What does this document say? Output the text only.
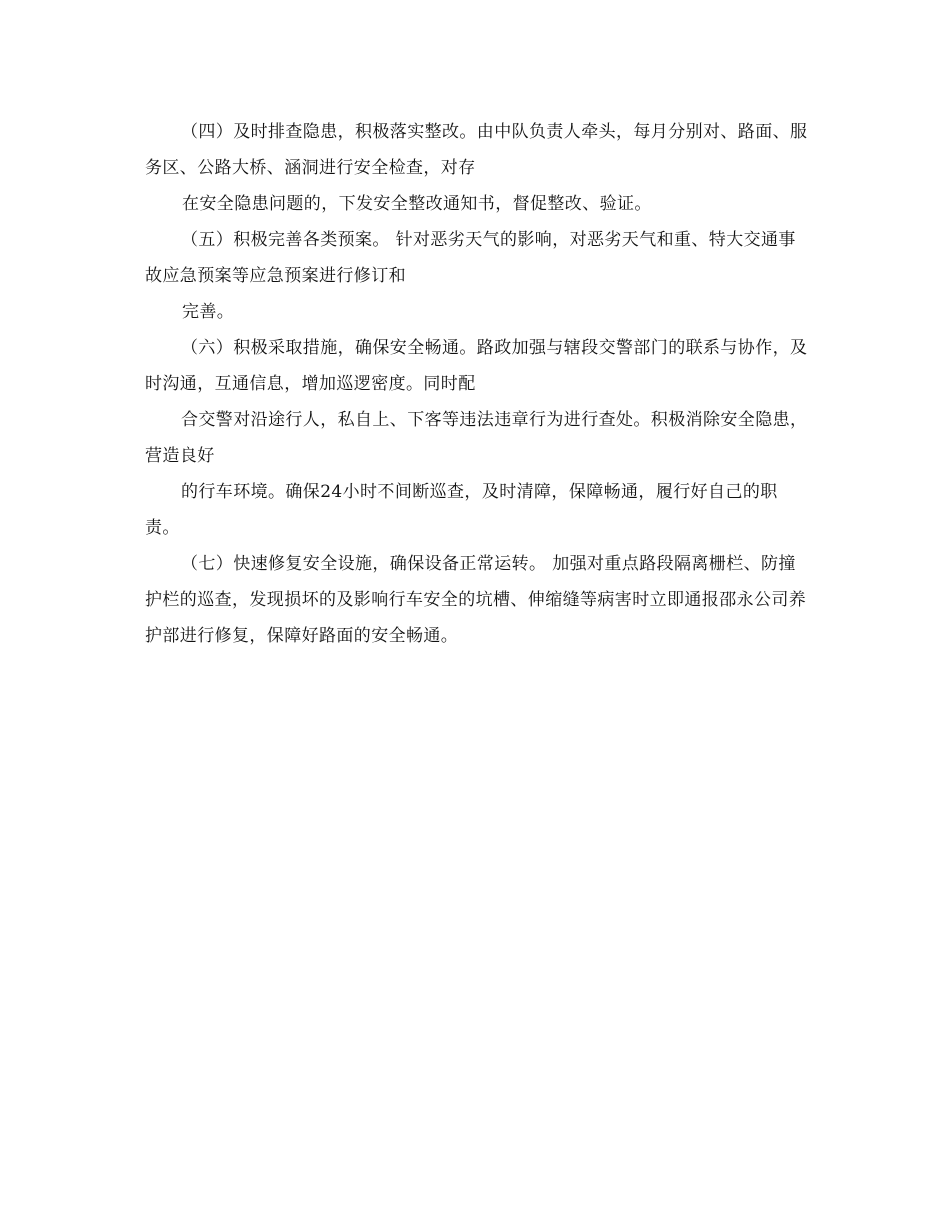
（四）及时排查隐患，积极落实整改。由中队负责人牵头，每月分别对、路面、服务区、公路大桥、涵洞进行安全检查，对存

在安全隐患问题的，下发安全整改通知书，督促整改、验证。

（五）积极完善各类预案。 针对恶劣天气的影响，对恶劣天气和重、特大交通事故应急预案等应急预案进行修订和

完善。

（六）积极采取措施，确保安全畅通。路政加强与辖段交警部门的联系与协作，及时沟通，互通信息，增加巡逻密度。同时配

合交警对沿途行人，私自上、下客等违法违章行为进行查处。积极消除安全隐患，营造良好

的行车环境。确保24小时不间断巡查，及时清障，保障畅通，履行好自己的职责。

（七）快速修复安全设施，确保设备正常运转。 加强对重点路段隔离栅栏、防撞护栏的巡查，发现损坏的及影响行车安全的坑槽、伸缩缝等病害时立即通报邵永公司养护部进行修复，保障好路面的安全畅通。
